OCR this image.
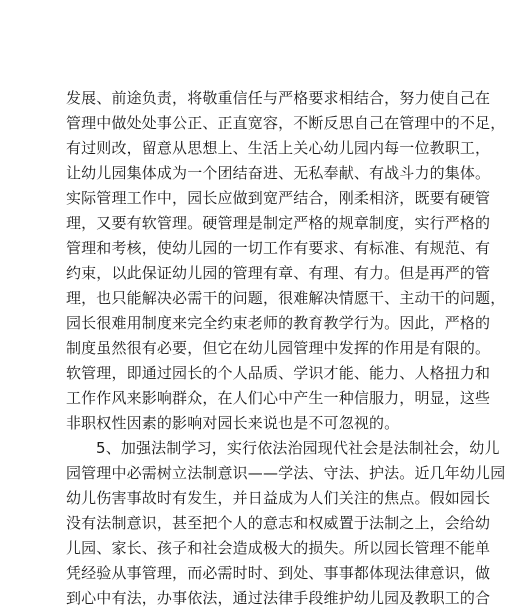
发展、前途负责，将敬重信任与严格要求相结合，努力使自己在
管理中做处处事公正、正直宽容，不断反思自己在管理中的不足，
有过则改，留意从思想上、生活上关心幼儿园内每一位教职工，
让幼儿园集体成为一个团结奋进、无私奉献、有战斗力的集体。
实际管理工作中，园长应做到宽严结合，刚柔相济，既要有硬管
理，又要有软管理。硬管理是制定严格的规章制度，实行严格的
管理和考核，使幼儿园的一切工作有要求、有标准、有规范、有
约束，以此保证幼儿园的管理有章、有理、有力。但是再严的管
理，也只能解决必需干的问题，很难解决情愿干、主动干的问题，
园长很难用制度来完全约束老师的教育教学行为。因此，严格的
制度虽然很有必要，但它在幼儿园管理中发挥的作用是有限的。
软管理，即通过园长的个人品质、学识才能、能力、人格扭力和
工作作风来影响群众，在人们心中产生一种信服力，明显，这些
非职权性因素的影响对园长来说也是不可忽视的。
5、加强法制学习，实行依法治园现代社会是法制社会，幼儿
园管理中必需树立法制意识——学法、守法、护法。近几年幼儿园
幼儿伤害事故时有发生，并日益成为人们关注的焦点。假如园长
没有法制意识，甚至把个人的意志和权威置于法制之上，会给幼
儿园、家长、孩子和社会造成极大的损失。所以园长管理不能单
凭经验从事管理，而必需时时、到处、事事都体现法律意识，做
到心中有法，办事依法，通过法律手段维护幼儿园及教职工的合
